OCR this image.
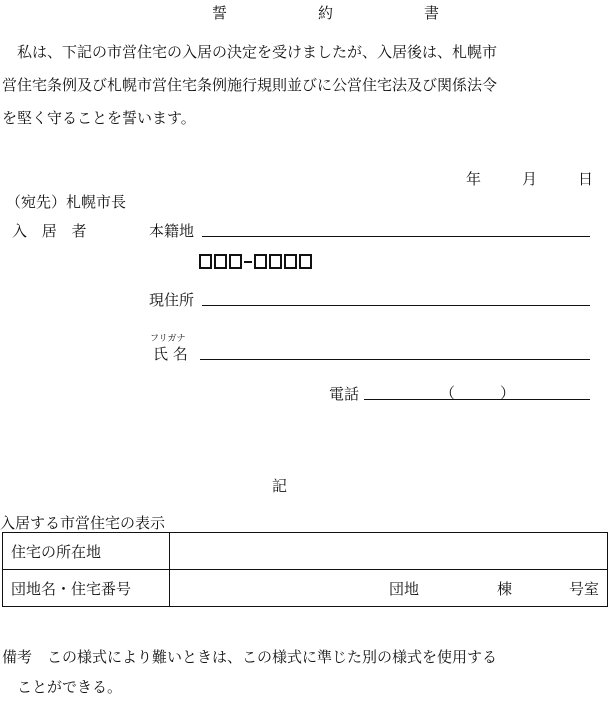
誓　約　書
　私は、下記の市営住宅の入居の決定を受けましたが、入居後は、札幌市
営住宅条例及び札幌市営住宅条例施行規則並びに公営住宅法及び関係法令
を堅く守ることを誓います。
年	月	日
（宛先）札幌市長
入 居 者	本籍地
現住所
フリガナ
氏 名
電話	（　　　）
記
入居する市営住宅の表示
住宅の所在地	
団地名・住宅番号	団地 棟 号室
備考　この様式により難いときは、この様式に準じた別の様式を使用する
　ことができる。
